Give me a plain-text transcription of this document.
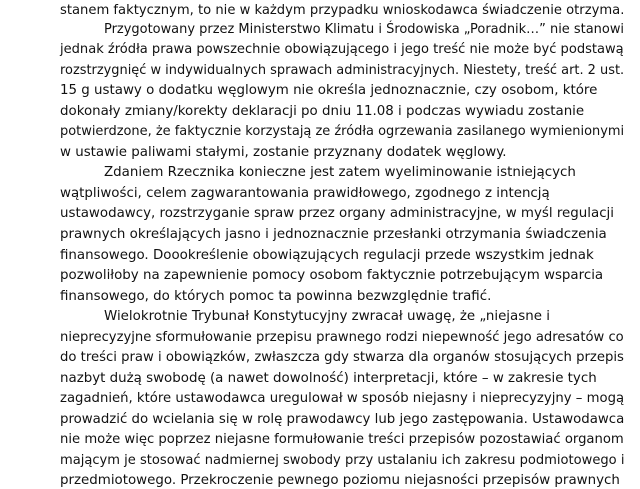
stanem faktycznym, to nie w każdym przypadku wnioskodawca świadczenie otrzyma.
Przygotowany przez Ministerstwo Klimatu i Środowiska „Poradnik…” nie stanowi
jednak źródła prawa powszechnie obowiązującego i jego treść nie może być podstawą
rozstrzygnięć w indywidualnych sprawach administracyjnych. Niestety, treść art. 2 ust.
15 g ustawy o dodatku węglowym nie określa jednoznacznie, czy osobom, które
dokonały zmiany/korekty deklaracji po dniu 11.08 i podczas wywiadu zostanie
potwierdzone, że faktycznie korzystają ze źródła ogrzewania zasilanego wymienionymi
w ustawie paliwami stałymi, zostanie przyznany dodatek węglowy.
Zdaniem Rzecznika konieczne jest zatem wyeliminowanie istniejących
wątpliwości, celem zagwarantowania prawidłowego, zgodnego z intencją
ustawodawcy, rozstrzyganie spraw przez organy administracyjne, w myśl regulacji
prawnych określających jasno i jednoznacznie przesłanki otrzymania świadczenia
finansowego. Doookreślenie obowiązujących regulacji przede wszystkim jednak
pozwoliłoby na zapewnienie pomocy osobom faktycznie potrzebującym wsparcia
finansowego, do których pomoc ta powinna bezwzględnie trafić.
Wielokrotnie Trybunał Konstytucyjny zwracał uwagę, że „niejasne i
nieprecyzyjne sformułowanie przepisu prawnego rodzi niepewność jego adresatów co
do treści praw i obowiązków, zwłaszcza gdy stwarza dla organów stosujących przepis
nazbyt dużą swobodę (a nawet dowolność) interpretacji, które – w zakresie tych
zagadnień, które ustawodawca uregulował w sposób niejasny i nieprecyzyjny – mogą
prowadzić do wcielania się w rolę prawodawcy lub jego zastępowania. Ustawodawca
nie może więc poprzez niejasne formułowanie treści przepisów pozostawiać organom
mającym je stosować nadmiernej swobody przy ustalaniu ich zakresu podmiotowego i
przedmiotowego. Przekroczenie pewnego poziomu niejasności przepisów prawnych
